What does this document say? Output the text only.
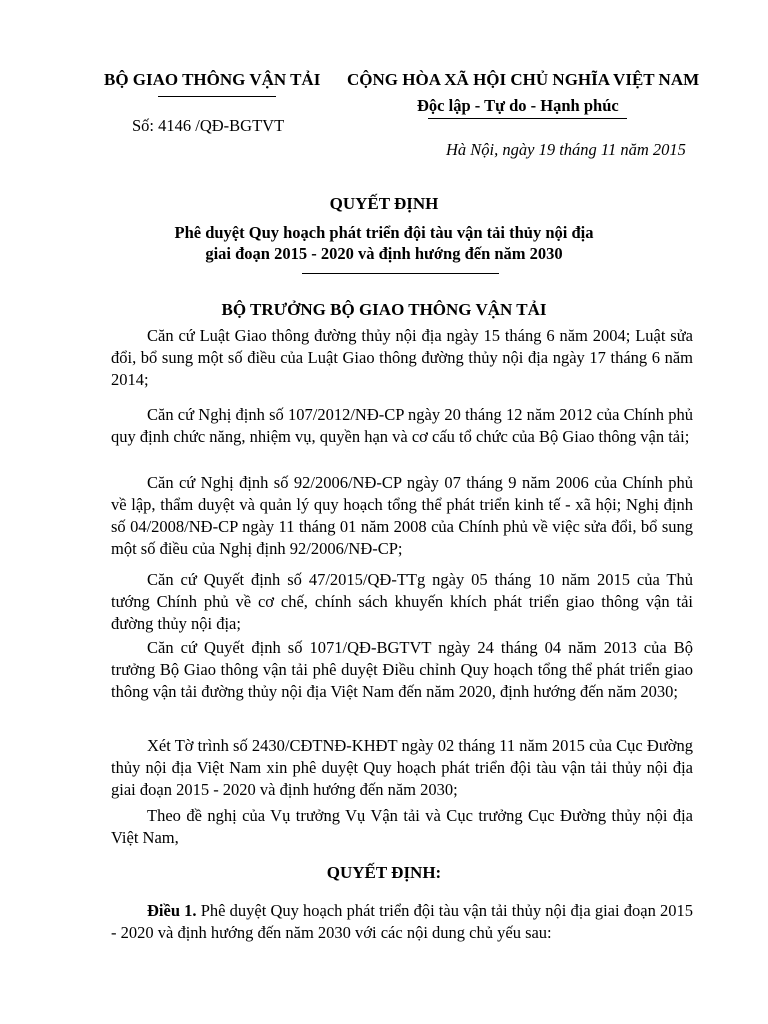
BỘ GIAO THÔNG VẬN TẢI CỘNG HÒA XÃ HỘI CHỦ NGHĨA VIỆT NAM
Độc lập - Tự do - Hạnh phúc
Số: 4146 /QĐ-BGTVT
Hà Nội, ngày 19 tháng 11 năm 2015
QUYẾT ĐỊNH
Phê duyệt Quy hoạch phát triển đội tàu vận tải thủy nội địa
giai đoạn 2015 - 2020 và định hướng đến năm 2030
BỘ TRƯỞNG BỘ GIAO THÔNG VẬN TẢI
Căn cứ Luật Giao thông đường thủy nội địa ngày 15 tháng 6 năm 2004; Luật sửa đổi, bổ sung một số điều của Luật Giao thông đường thủy nội địa ngày 17 tháng 6 năm 2014;
Căn cứ Nghị định số 107/2012/NĐ-CP ngày 20 tháng 12 năm 2012 của Chính phủ quy định chức năng, nhiệm vụ, quyền hạn và cơ cấu tổ chức của Bộ Giao thông vận tải;
Căn cứ Nghị định số 92/2006/NĐ-CP ngày 07 tháng 9 năm 2006 của Chính phủ về lập, thẩm duyệt và quản lý quy hoạch tổng thể phát triển kinh tế - xã hội; Nghị định số 04/2008/NĐ-CP ngày 11 tháng 01 năm 2008 của Chính phủ về việc sửa đổi, bổ sung một số điều của Nghị định 92/2006/NĐ-CP;
Căn cứ Quyết định số 47/2015/QĐ-TTg ngày 05 tháng 10 năm 2015 của Thủ tướng Chính phủ về cơ chế, chính sách khuyến khích phát triển giao thông vận tải đường thủy nội địa;
Căn cứ Quyết định số 1071/QĐ-BGTVT ngày 24 tháng 04 năm 2013 của Bộ trưởng Bộ Giao thông vận tải phê duyệt Điều chỉnh Quy hoạch tổng thể phát triển giao thông vận tải đường thủy nội địa Việt Nam đến năm 2020, định hướng đến năm 2030;
Xét Tờ trình số 2430/CĐTNĐ-KHĐT ngày 02 tháng 11 năm 2015 của Cục Đường thủy nội địa Việt Nam xin phê duyệt Quy hoạch phát triển đội tàu vận tải thủy nội địa giai đoạn 2015 - 2020 và định hướng đến năm 2030;
Theo đề nghị của Vụ trưởng Vụ Vận tải và Cục trưởng Cục Đường thủy nội địa Việt Nam,
QUYẾT ĐỊNH:
Điều 1. Phê duyệt Quy hoạch phát triển đội tàu vận tải thủy nội địa giai đoạn 2015 - 2020 và định hướng đến năm 2030 với các nội dung chủ yếu sau:
